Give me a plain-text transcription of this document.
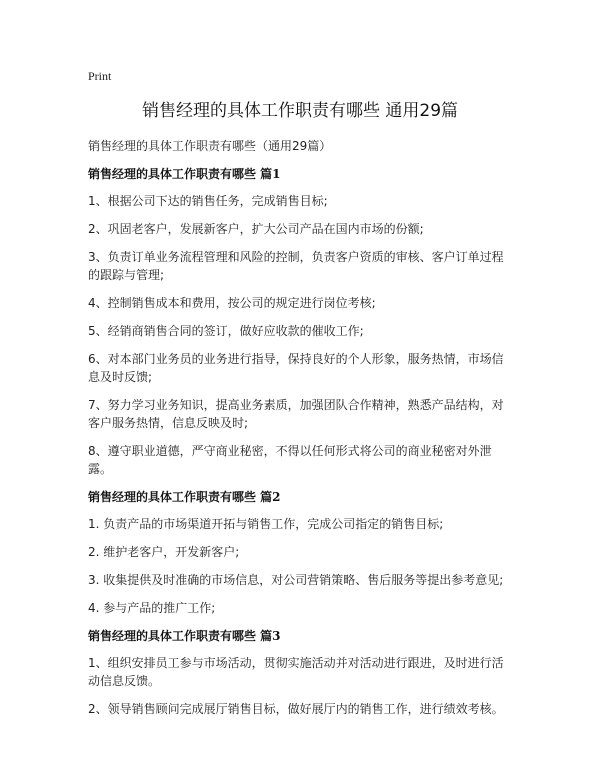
Print
销售经理的具体工作职责有哪些 通用29篇

销售经理的具体工作职责有哪些（通用29篇）

销售经理的具体工作职责有哪些 篇1

1、根据公司下达的销售任务，完成销售目标;

2、巩固老客户，发展新客户，扩大公司产品在国内市场的份额;

3、负责订单业务流程管理和风险的控制，负责客户资质的审核、客户订单过程的跟踪与管理;

4、控制销售成本和费用，按公司的规定进行岗位考核;

5、经销商销售合同的签订，做好应收款的催收工作;

6、对本部门业务员的业务进行指导，保持良好的个人形象，服务热情，市场信息及时反馈;

7、努力学习业务知识，提高业务素质，加强团队合作精神，熟悉产品结构，对客户服务热情，信息反映及时;

8、遵守职业道德，严守商业秘密，不得以任何形式将公司的商业秘密对外泄露。

销售经理的具体工作职责有哪些 篇2

1. 负责产品的市场渠道开拓与销售工作，完成公司指定的销售目标;

2. 维护老客户，开发新客户;

3. 收集提供及时准确的市场信息，对公司营销策略、售后服务等提出参考意见;

4. 参与产品的推广工作;

销售经理的具体工作职责有哪些 篇3

1、组织安排员工参与市场活动，贯彻实施活动并对活动进行跟进，及时进行活动信息反馈。

2、领导销售顾问完成展厅销售目标，做好展厅内的销售工作，进行绩效考核。
